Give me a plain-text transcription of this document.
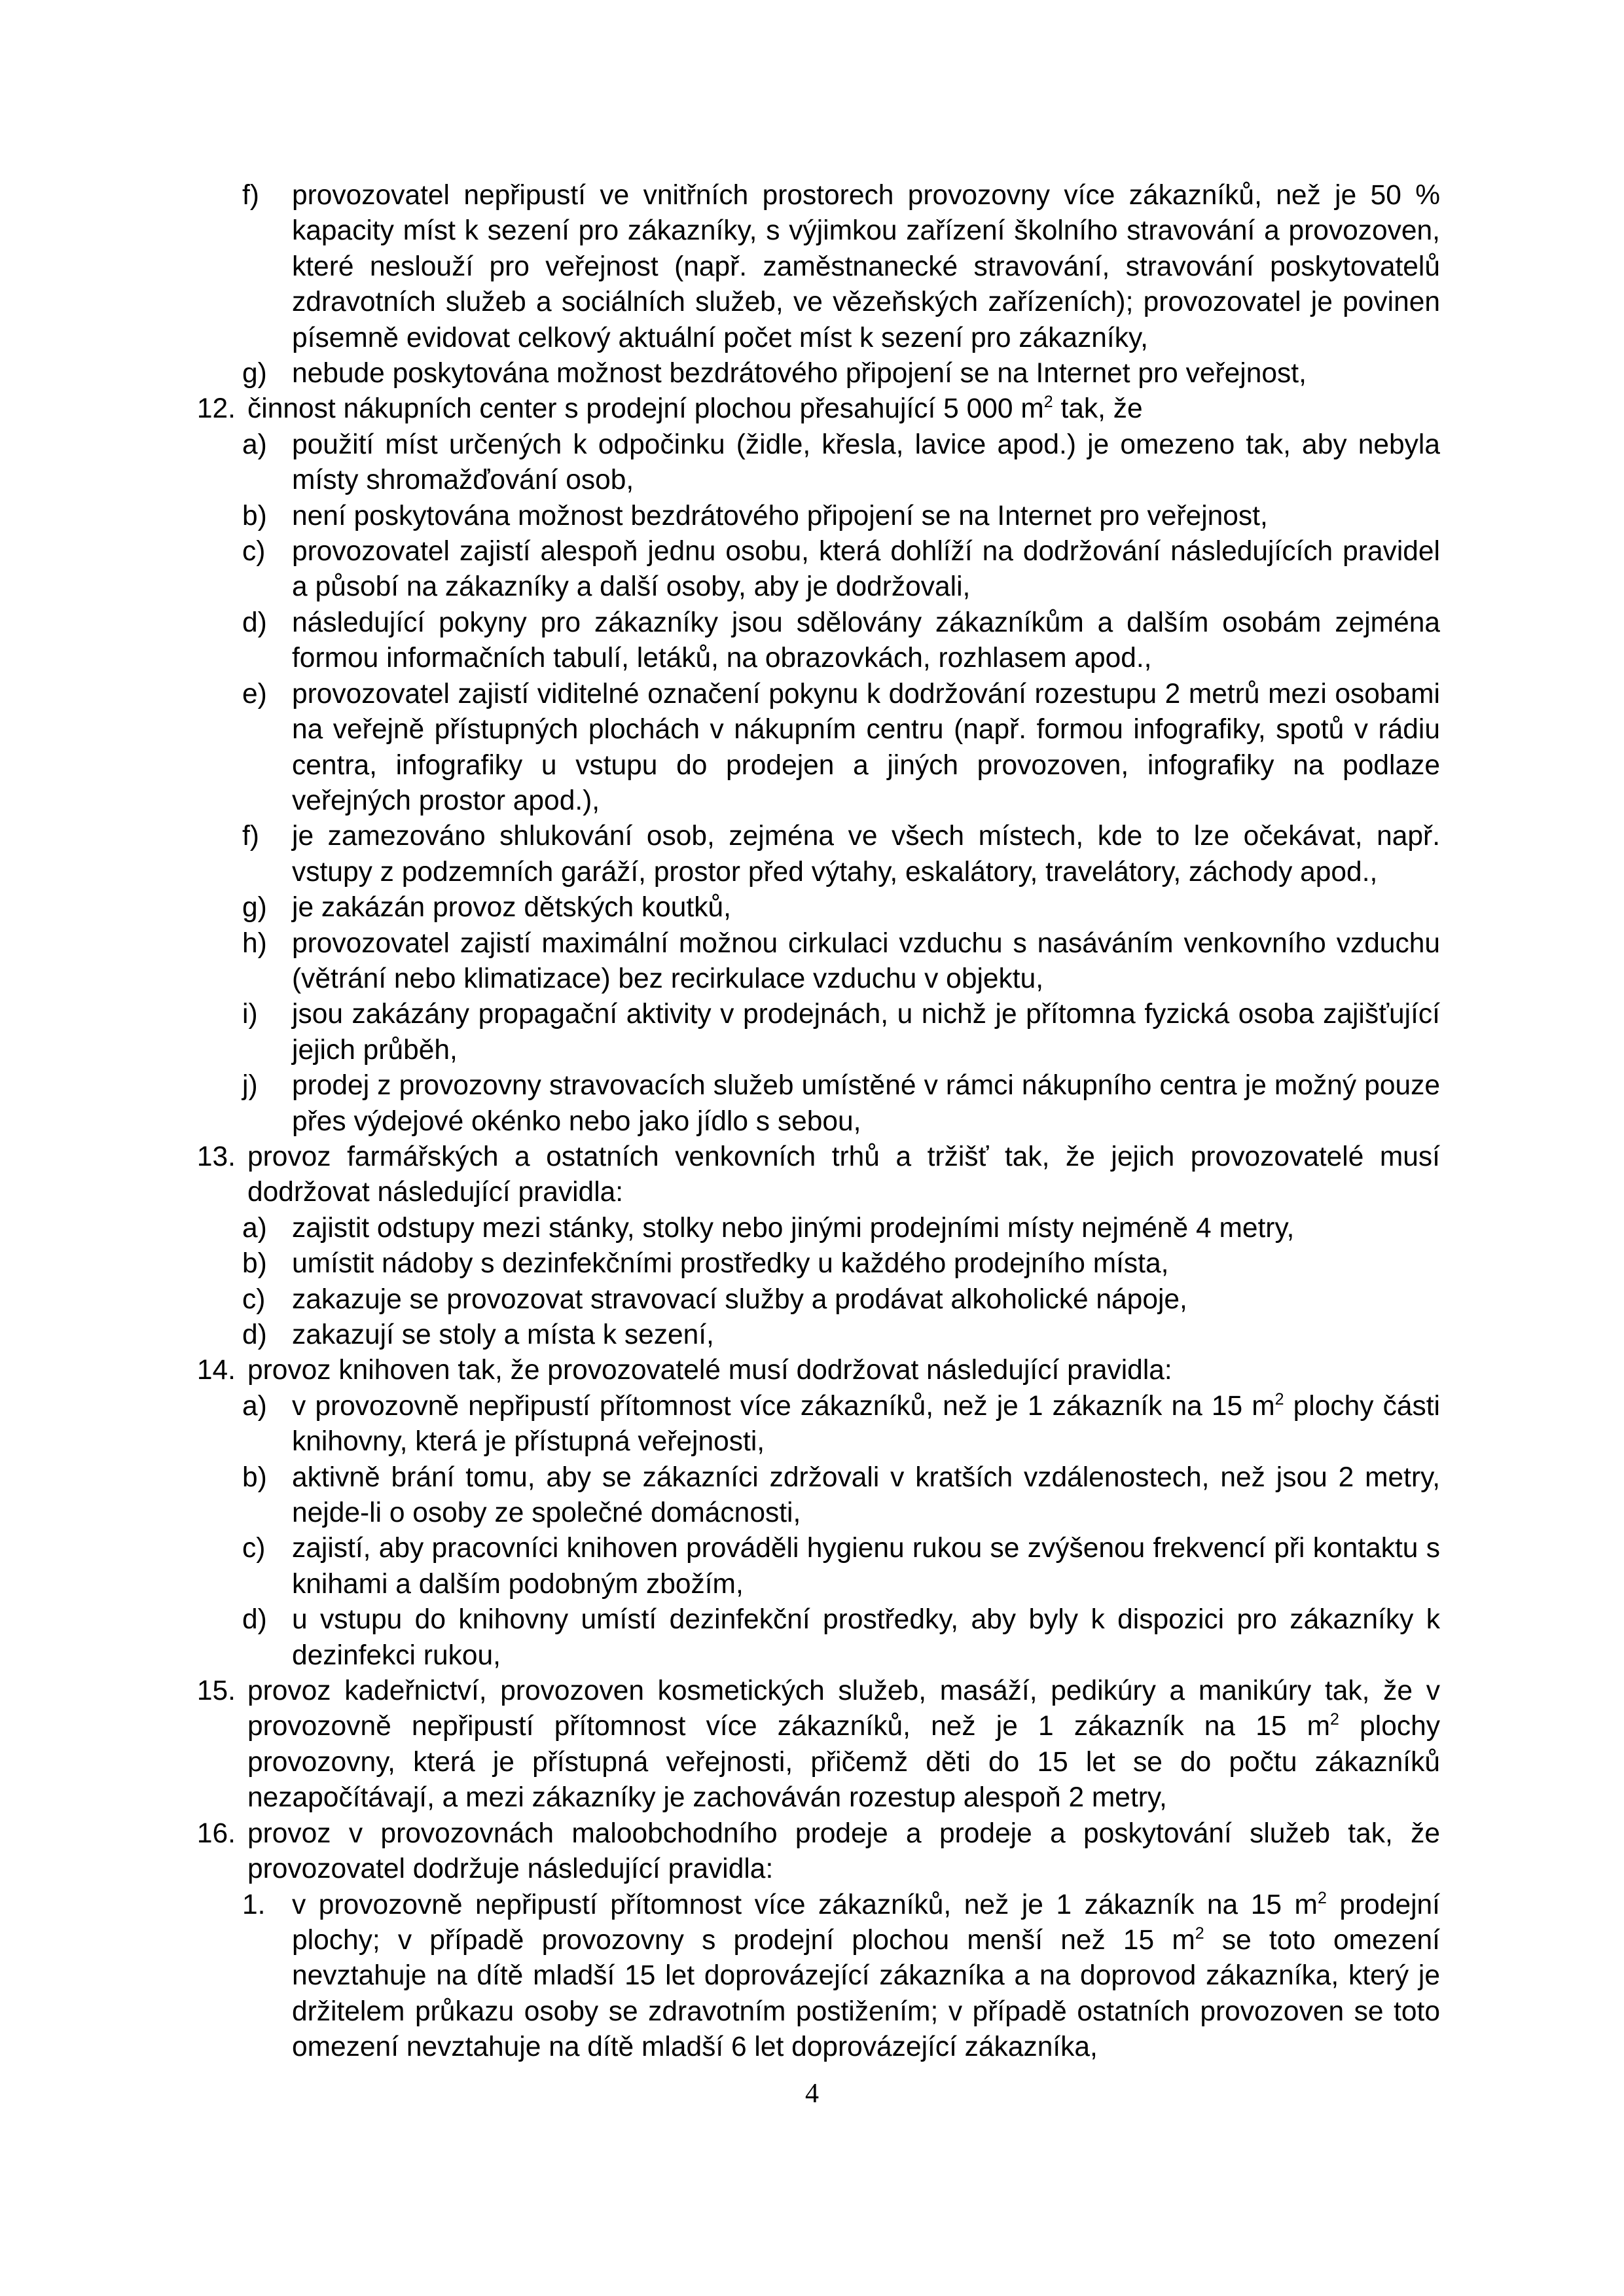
f) provozovatel nepřipustí ve vnitřních prostorech provozovny více zákazníků, než je 50 % kapacity míst k sezení pro zákazníky, s výjimkou zařízení školního stravování a provozoven, které neslouží pro veřejnost (např. zaměstnanecké stravování, stravování poskytovatelů zdravotních služeb a sociálních služeb, ve vězeňských zařízeních); provozovatel je povinen písemně evidovat celkový aktuální počet míst k sezení pro zákazníky,
g) nebude poskytována možnost bezdrátového připojení se na Internet pro veřejnost,
12. činnost nákupních center s prodejní plochou přesahující 5 000 $m^2$ tak, že
a) použití míst určených k odpočinku (židle, křesla, lavice apod.) je omezeno tak, aby nebyla místy shromažďování osob,
b) není poskytována možnost bezdrátového připojení se na Internet pro veřejnost,
c) provozovatel zajistí alespoň jednu osobu, která dohlíží na dodržování následujících pravidel a působí na zákazníky a další osoby, aby je dodržovali,
d) následující pokyny pro zákazníky jsou sdělovány zákazníkům a dalším osobám zejména formou informačních tabulí, letáků, na obrazovkách, rozhlasem apod.,
e) provozovatel zajistí viditelné označení pokynu k dodržování rozestupu 2 metrů mezi osobami na veřejně přístupných plochách v nákupním centru (např. formou infografiky, spotů v rádiu centra, infografiky u vstupu do prodejen a jiných provozoven, infografiky na podlaze veřejných prostor apod.),
f) je zamezováno shlukování osob, zejména ve všech místech, kde to lze očekávat, např. vstupy z podzemních garáží, prostor před výtahy, eskalátory, travelátory, záchody apod.,
g) je zakázán provoz dětských koutků,
h) provozovatel zajistí maximální možnou cirkulaci vzduchu s nasáváním venkovního vzduchu (větrání nebo klimatizace) bez recirkulace vzduchu v objektu,
i) jsou zakázány propagační aktivity v prodejnách, u nichž je přítomna fyzická osoba zajišťující jejich průběh,
j) prodej z provozovny stravovacích služeb umístěné v rámci nákupního centra je možný pouze přes výdejové okénko nebo jako jídlo s sebou,
13. provoz farmářských a ostatních venkovních trhů a tržišť tak, že jejich provozovatelé musí dodržovat následující pravidla:
a) zajistit odstupy mezi stánky, stolky nebo jinými prodejními místy nejméně 4 metry,
b) umístit nádoby s dezinfekčními prostředky u každého prodejního místa,
c) zakazuje se provozovat stravovací služby a prodávat alkoholické nápoje,
d) zakazují se stoly a místa k sezení,
14. provoz knihoven tak, že provozovatelé musí dodržovat následující pravidla:
a) v provozovně nepřipustí přítomnost více zákazníků, než je 1 zákazník na 15 $m^2$ plochy části knihovny, která je přístupná veřejnosti,
b) aktivně brání tomu, aby se zákazníci zdržovali v kratších vzdálenostech, než jsou 2 metry, nejde-li o osoby ze společné domácnosti,
c) zajistí, aby pracovníci knihoven prováděli hygienu rukou se zvýšenou frekvencí při kontaktu s knihami a dalším podobným zbožím,
d) u vstupu do knihovny umístí dezinfekční prostředky, aby byly k dispozici pro zákazníky k dezinfekci rukou,
15. provoz kadeřnictví, provozoven kosmetických služeb, masáží, pedikúry a manikúry tak, že v provozovně nepřipustí přítomnost více zákazníků, než je 1 zákazník na 15 $m^2$ plochy provozovny, která je přístupná veřejnosti, přičemž děti do 15 let se do počtu zákazníků nezapočítávají, a mezi zákazníky je zachováván rozestup alespoň 2 metry,
16. provoz v provozovnách maloobchodního prodeje a prodeje a poskytování služeb tak, že provozovatel dodržuje následující pravidla:
1. v provozovně nepřipustí přítomnost více zákazníků, než je 1 zákazník na 15 $m^2$ prodejní plochy; v případě provozovny s prodejní plochou menší než 15 $m^2$ se toto omezení nevztahuje na dítě mladší 15 let doprovázející zákazníka a na doprovod zákazníka, který je držitelem průkazu osoby se zdravotním postižením; v případě ostatních provozoven se toto omezení nevztahuje na dítě mladší 6 let doprovázející zákazníka,
4
